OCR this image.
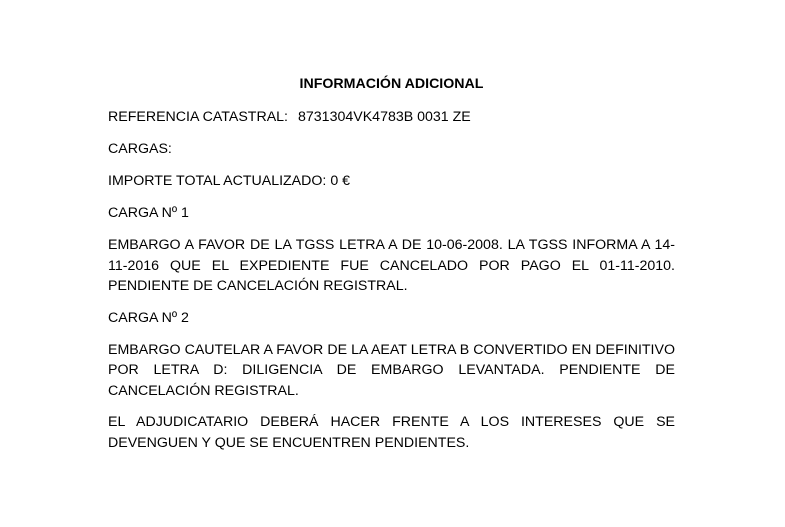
INFORMACIÓN ADICIONAL
REFERENCIA CATASTRAL: 8731304VK4783B 0031 ZE
CARGAS:
IMPORTE TOTAL ACTUALIZADO: 0 €
CARGA Nº 1
EMBARGO A FAVOR DE LA TGSS LETRA A DE 10-06-2008. LA TGSS INFORMA A 14-11-2016 QUE EL EXPEDIENTE FUE CANCELADO POR PAGO EL 01-11-2010. PENDIENTE DE CANCELACIÓN REGISTRAL.
CARGA Nº 2
EMBARGO CAUTELAR A FAVOR DE LA AEAT LETRA B CONVERTIDO EN DEFINITIVO POR LETRA D: DILIGENCIA DE EMBARGO LEVANTADA. PENDIENTE DE CANCELACIÓN REGISTRAL.
EL ADJUDICATARIO DEBERÁ HACER FRENTE A LOS INTERESES QUE SE DEVENGUEN Y QUE SE ENCUENTREN PENDIENTES.
